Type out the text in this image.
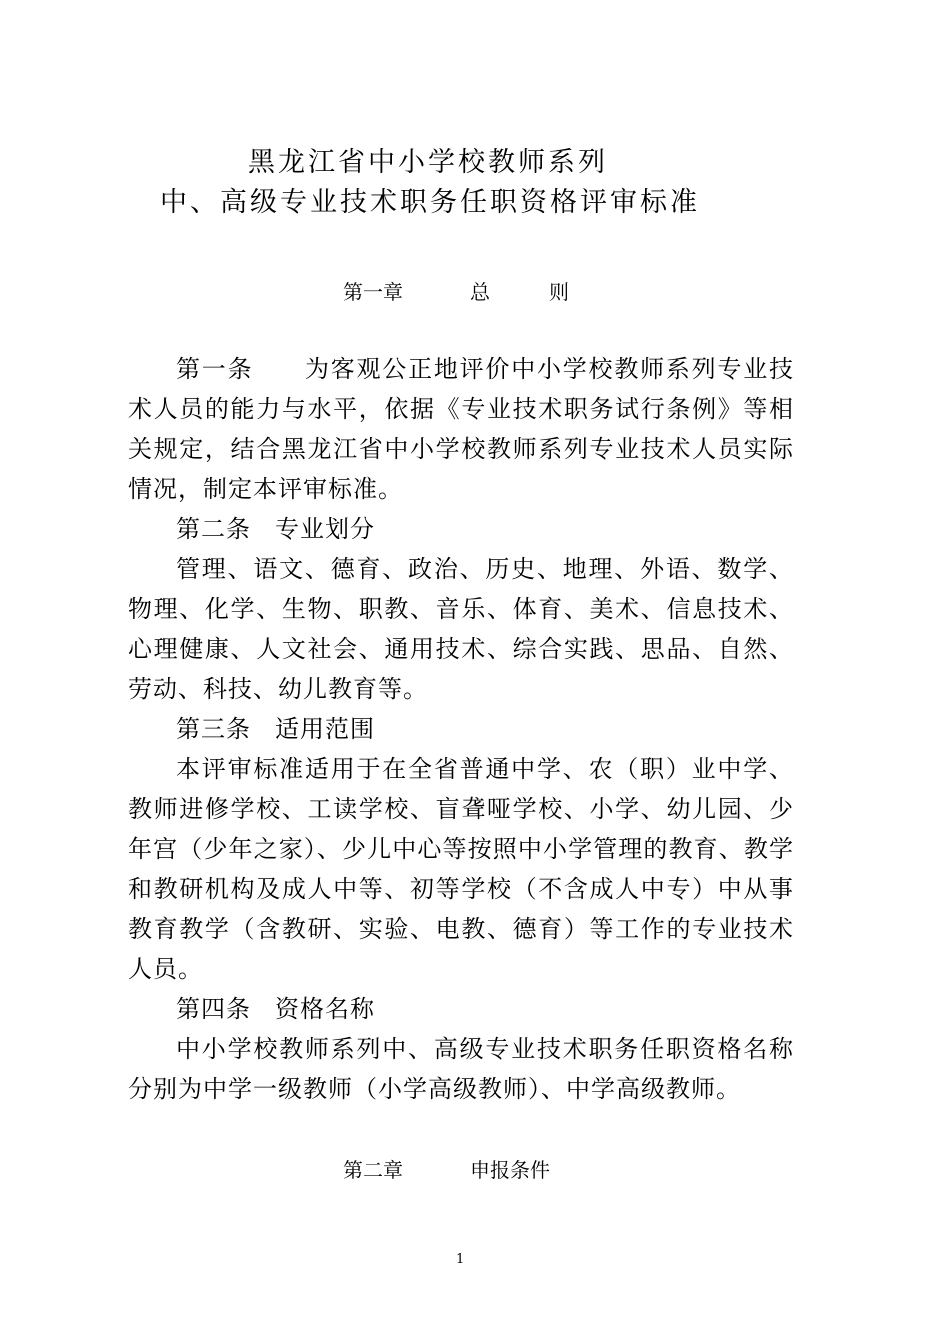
黑龙江省中小学校教师系列
中、高级专业技术职务任职资格评审标准
第一章	总	则

第一条　　 为客观公正地评价中小学校教师系列专业技术人员的能力与水平，依据《专业技术职务试行条例》等相关规定，结合黑龙江省中小学校教师系列专业技术人员实际情况，制定本评审标准。

第二条 专业划分

管理、语文、德育、政治、历史、地理、外语、数学、物理、化学、生物、职教、音乐、体育、美术、信息技术、心理健康、人文社会、通用技术、综合实践、思品、自然、劳动、科技、幼儿教育等。

第三条 适用范围

本评审标准适用于在全省普通中学、农（职）业中学、教师进修学校、工读学校、盲聋哑学校、小学、幼儿园、少年宫（少年之家）、少儿中心等按照中小学管理的教育、教学和教研机构及成人中等、初等学校（不含成人中专）中从事教育教学（含教研、实验、电教、德育）等工作的专业技术人员。

第四条 资格名称

中小学校教师系列中、高级专业技术职务任职资格名称分别为中学一级教师（小学高级教师）、中学高级教师。

第二章	申报条件
1
